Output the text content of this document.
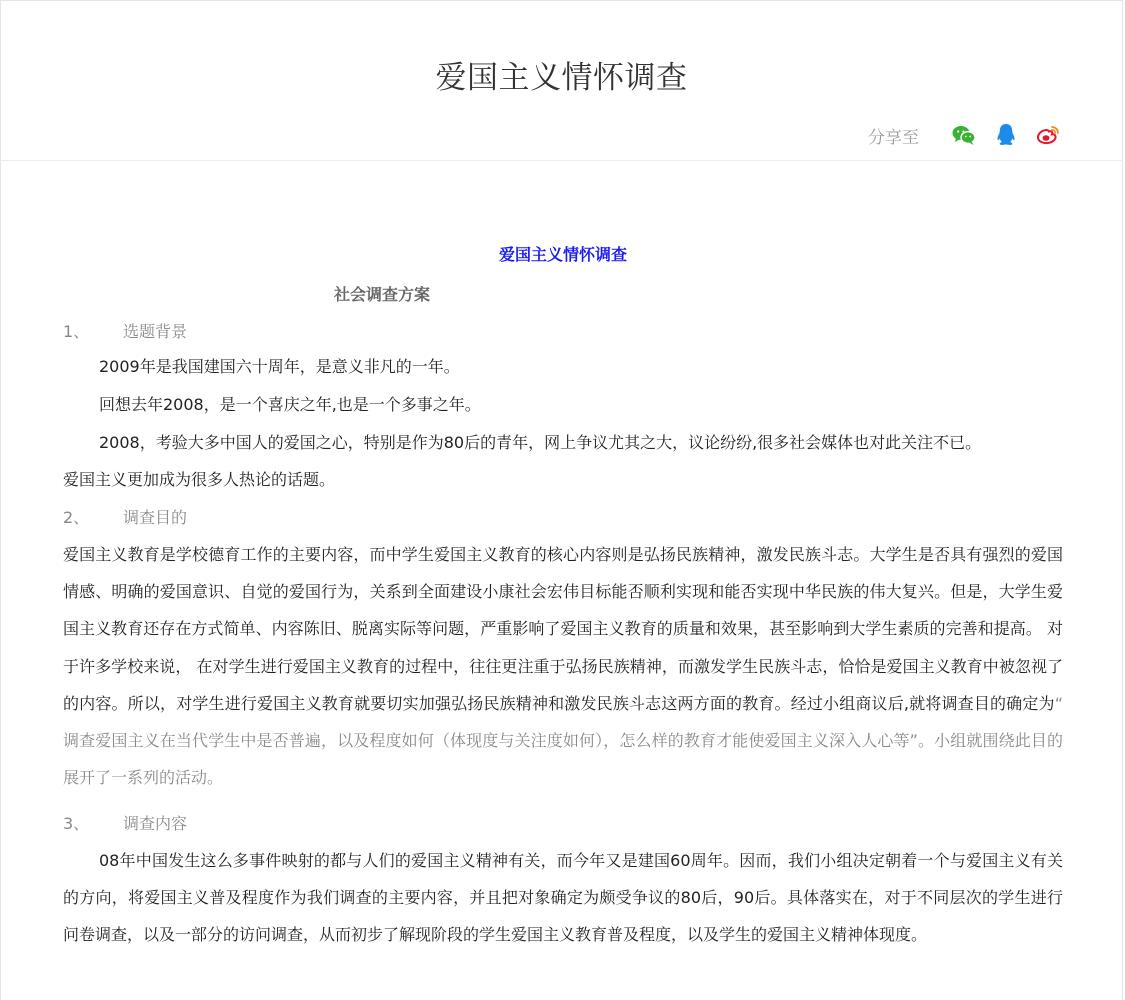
爱国主义情怀调查
分享至
爱国主义情怀调查
社会调查方案
1、 选题背景
2009年是我国建国六十周年，是意义非凡的一年。
回想去年2008，是一个喜庆之年,也是一个多事之年。
2008，考验大多中国人的爱国之心，特别是作为80后的青年，网上争议尤其之大，议论纷纷,很多社会媒体也对此关注不已。
爱国主义更加成为很多人热论的话题。
2、 调查目的
爱国主义教育是学校德育工作的主要内容，而中学生爱国主义教育的核心内容则是弘扬民族精神，激发民族斗志。大学生是否具有强烈的爱国情感、明确的爱国意识、自觉的爱国行为，关系到全面建设小康社会宏伟目标能否顺利实现和能否实现中华民族的伟大复兴。但是，大学生爱国主义教育还存在方式简单、内容陈旧、脱离实际等问题，严重影响了爱国主义教育的质量和效果，甚至影响到大学生素质的完善和提高。 对于许多学校来说， 在对学生进行爱国主义教育的过程中，往往更注重于弘扬民族精神，而激发学生民族斗志，恰恰是爱国主义教育中被忽视了的内容。所以，对学生进行爱国主义教育就要切实加强弘扬民族精神和激发民族斗志这两方面的教育。经过小组商议后,就将调查目的确定为“ 调查爱国主义在当代学生中是否普遍，以及程度如何（体现度与关注度如何），怎么样的教育才能使爱国主义深入人心等”。小组就围绕此目的展开了一系列的活动。
3、 调查内容
08年中国发生这么多事件映射的都与人们的爱国主义精神有关，而今年又是建国60周年。因而，我们小组决定朝着一个与爱国主义有关的方向，将爱国主义普及程度作为我们调查的主要内容，并且把对象确定为颇受争议的80后，90后。具体落实在，对于不同层次的学生进行问卷调查，以及一部分的访问调查，从而初步了解现阶段的学生爱国主义教育普及程度，以及学生的爱国主义精神体现度。
